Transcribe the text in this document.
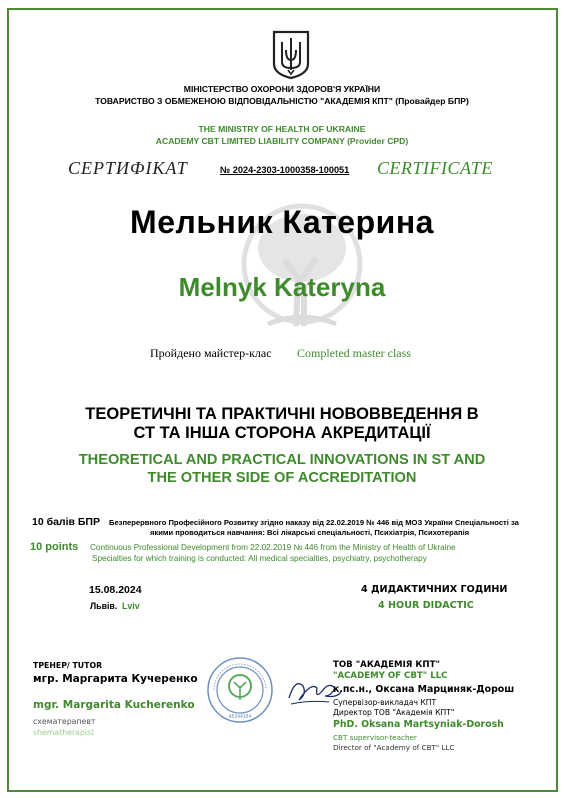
МІНІСТЕРСТВО ОХОРОНИ ЗДОРОВ'Я УКРАЇНИ
ТОВАРИСТВО З ОБМЕЖЕНОЮ ВІДПОВІДАЛЬНІСТЮ "АКАДЕМІЯ КПТ" (Провайдер БПР)
THE MINISTRY OF HEALTH OF UKRAINE
ACADEMY CBT LIMITED LIABILITY COMPANY (Provider CPD)
СЕРТИФІКАТ	№ 2024-2303-1000358-100051 CERTIFICATE
Мельник Катерина
Melnyk Kateryna
Пройдено майстер-клас Completed master class
ТЕОРЕТИЧНІ ТА ПРАКТИЧНІ НОВОВВЕДЕННЯ В
СТ ТА ІНША СТОРОНА АКРЕДИТАЦІЇ
THEORETICAL AND PRACTICAL INNOVATIONS IN ST AND
THE OTHER SIDE OF ACCREDITATION
10 балів БПР Безперервного Професійного Розвитку згідно наказу від 22.02.2019 № 446 від МОЗ України Спеціальності за
якими проводиться навчання: Всі лікарські спеціальності, Психіатрія, Психотерапія
10 points Continuous Professional Development from 22.02.2019 № 446 from the Ministry of Health of Ukraine
Specialties for which training is conducted: All medical specialties, psychiatry, psychotherapy
15.08.2024
Львів. Lviv
4 ДИДАКТИЧНИХ ГОДИНИ
4 HOUR DIDACTIC
ТРЕНЕР/ TUTOR
мгр. Маргарита Кучеренко
mgr. Margarita Kucherenko
схематерапевт
shematherapist
45344184
ТОВ "АКАДЕМІЯ КПТ"
"ACADEMY OF CBT" LLC
к.пс.н., Оксана Марциняк-Дорош
Супервізор-викладач КПТ
Директор ТОВ "Академія КПТ"
PhD. Oksana Martsyniak-Dorosh
CBT supervisor-teacher
Director of "Academy of CBT" LLC
